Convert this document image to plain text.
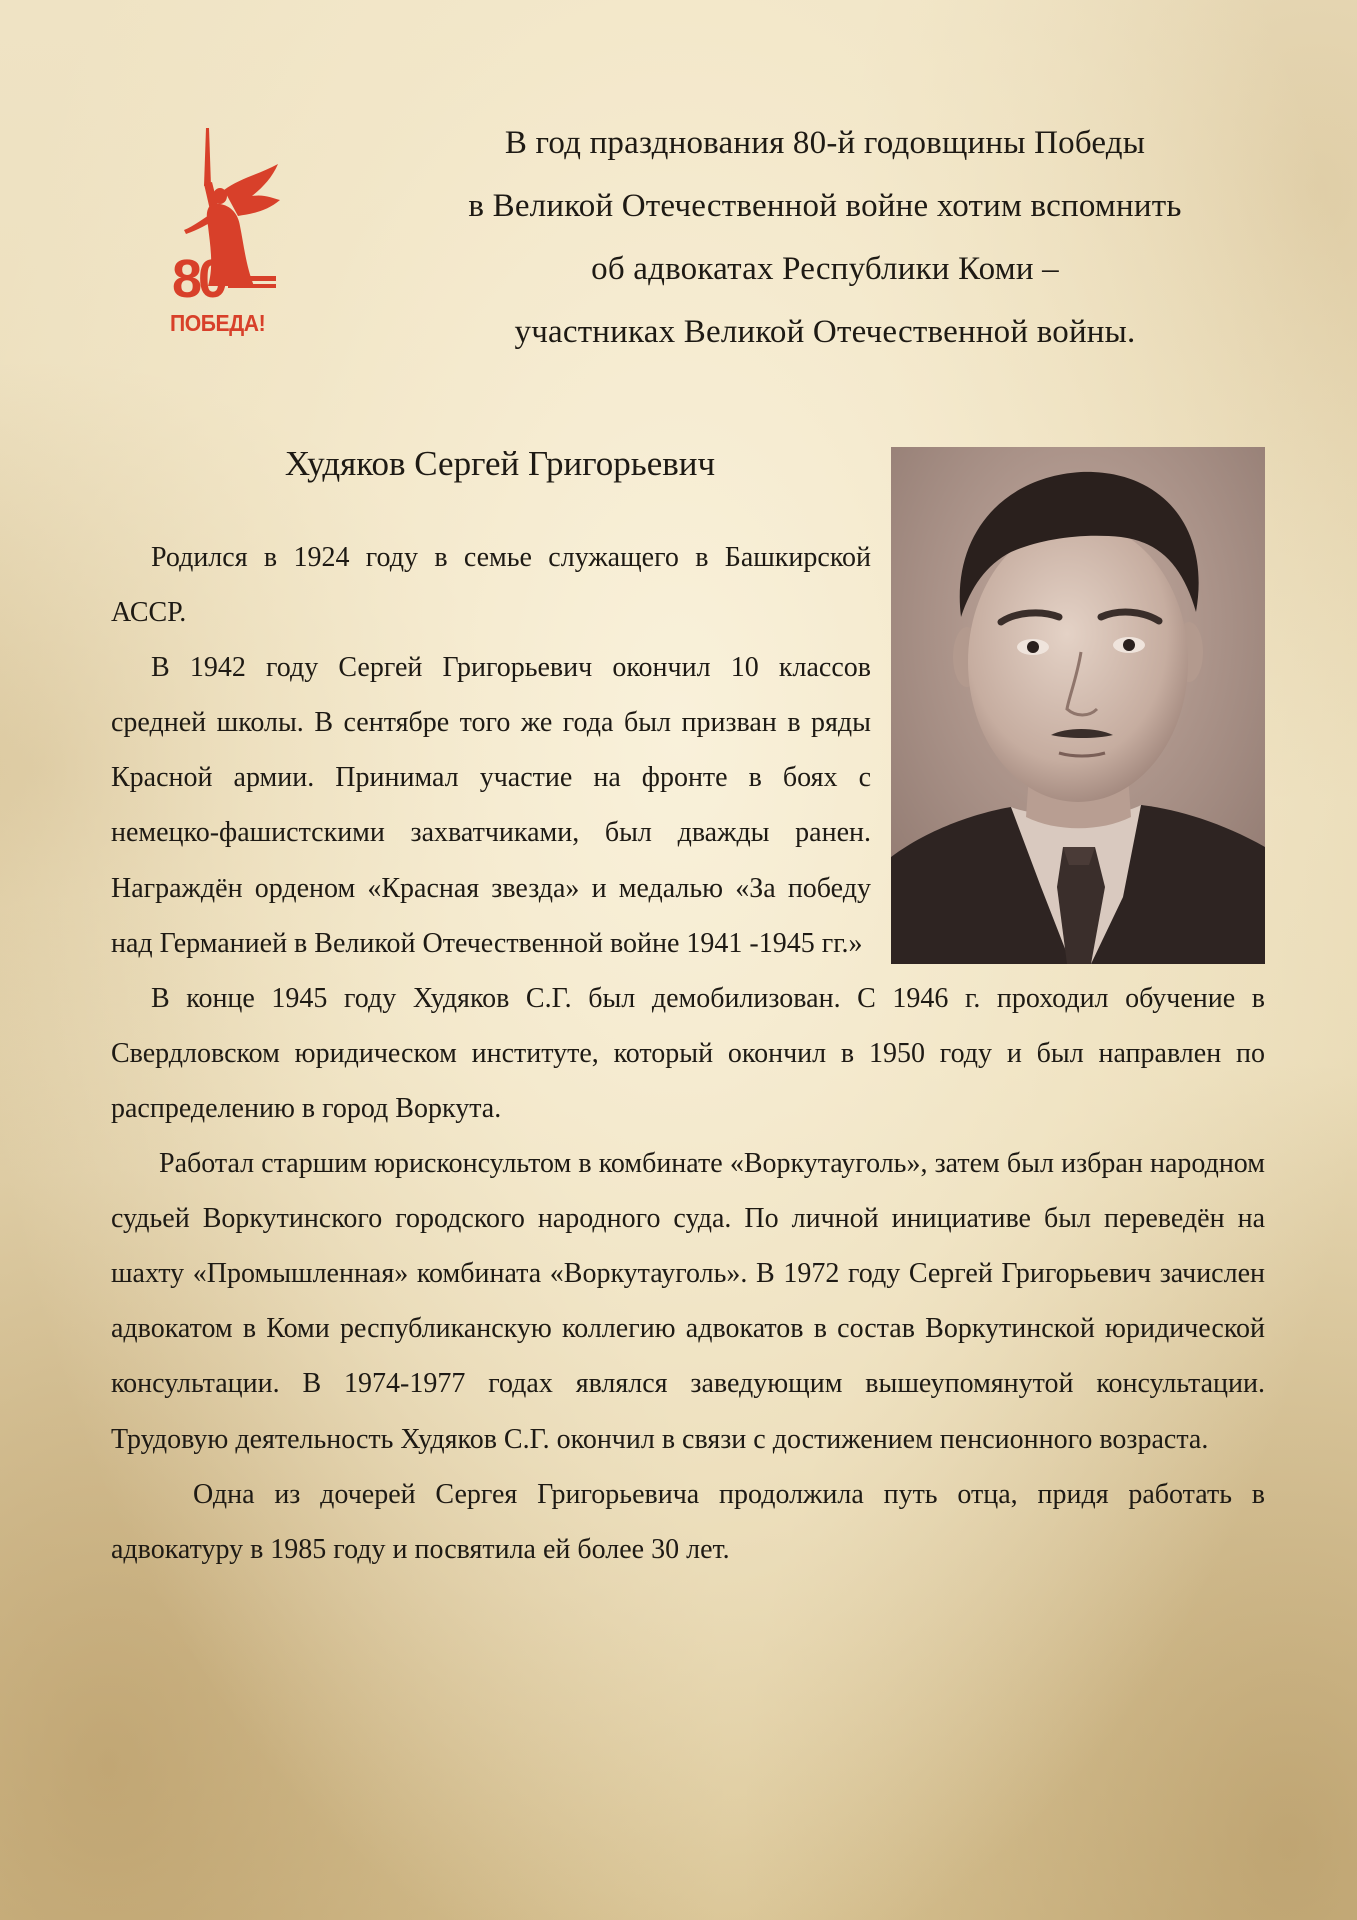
80
ПОБЕДА!
В год празднования 80-й годовщины Победы
в Великой Отечественной войне хотим вспомнить
об адвокатах Республики Коми –
участниках Великой Отечественной войны.
Худяков Сергей Григорьевич

Родился в 1924 году в семье служащего в Башкирской АССР.

В 1942 году Сергей Григорьевич окончил 10 классов средней школы. В сентябре того же года был призван в ряды Красной армии. Принимал участие на фронте в боях с немецко-фашистскими захватчиками, был дважды ранен. Награждён орденом «Красная звезда» и медалью «За победу над Германией в Великой Отечественной войне 1941 -1945 гг.»

В конце 1945 году Худяков С.Г. был демобилизован. С 1946 г. проходил обучение в Свердловском юридическом институте, который окончил в 1950 году и был направлен по распределению в город Воркута.

Работал старшим юрисконсультом в комбинате «Воркутауголь», затем был избран народном судьей Воркутинского городского народного суда. По личной инициативе был переведён на шахту «Промышленная» комбината «Воркутауголь». В 1972 году Сергей Григорьевич зачислен адвокатом в Коми республиканскую коллегию адвокатов в состав Воркутинской юридической консультации. В 1974-1977 годах являлся заведующим вышеупомянутой консультации. Трудовую деятельность Худяков С.Г. окончил в связи с достижением пенсионного возраста.

Одна из дочерей Сергея Григорьевича продолжила путь отца, придя работать в адвокатуру в 1985 году и посвятила ей более 30 лет.
